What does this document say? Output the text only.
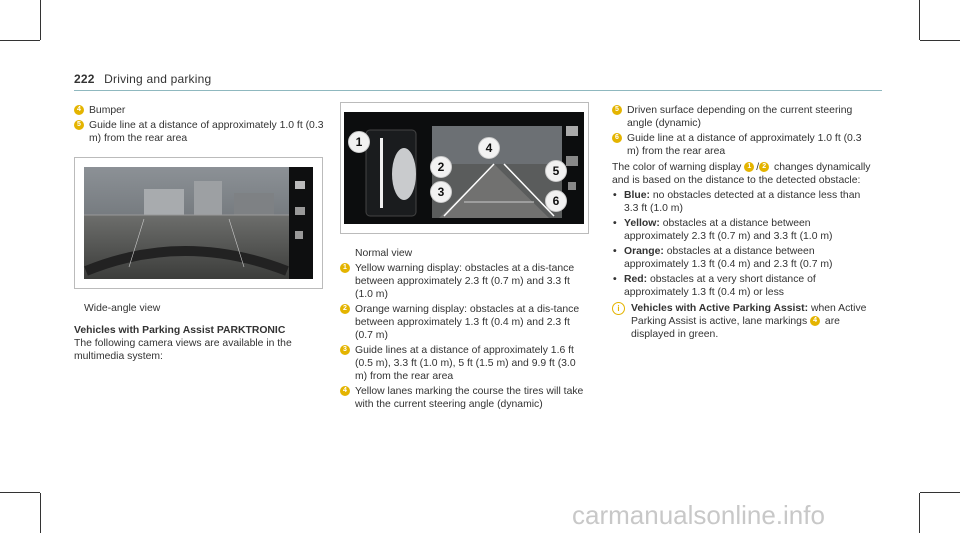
222 Driving and parking
4 Bumper
5 Guide line at a distance of approximately 1.0 ft (0.3 m) from the rear area

Wide-angle view

Vehicles with Parking Assist PARKTRONIC

The following camera views are available in the multimedia system:

1
2
3
4
5
6

Normal view

1 Yellow warning display: obstacles at a dis-tance between approximately 2.3 ft (0.7 m) and 3.3 ft (1.0 m)
2 Orange warning display: obstacles at a dis-tance between approximately 1.3 ft (0.4 m) and 2.3 ft (0.7 m)
3 Guide lines at a distance of approximately 1.6 ft (0.5 m), 3.3 ft (1.0 m), 5 ft (1.5 m) and 9.9 ft (3.0 m) from the rear area
4 Yellow lanes marking the course the tires will take with the current steering angle (dynamic)
5 Driven surface depending on the current steering angle (dynamic)
6 Guide line at a distance of approximately 1.0 ft (0.3 m) from the rear area

The color of warning display 1 / 2 changes dynamically and is based on the distance to the detected obstacle:

• Blue: no obstacles detected at a distance less than 3.3 ft (1.0 m)
• Yellow: obstacles at a distance between approximately 2.3 ft (0.7 m) and 3.3 ft (1.0 m)
• Orange: obstacles at a distance between approximately 1.3 ft (0.4 m) and 2.3 ft (0.7 m)
• Red: obstacles at a very short distance of approximately 1.3 ft (0.4 m) or less
i	Vehicles with Active Parking Assist: when Active Parking Assist is active, lane markings 4 are displayed in green.
carmanualsonline.info
